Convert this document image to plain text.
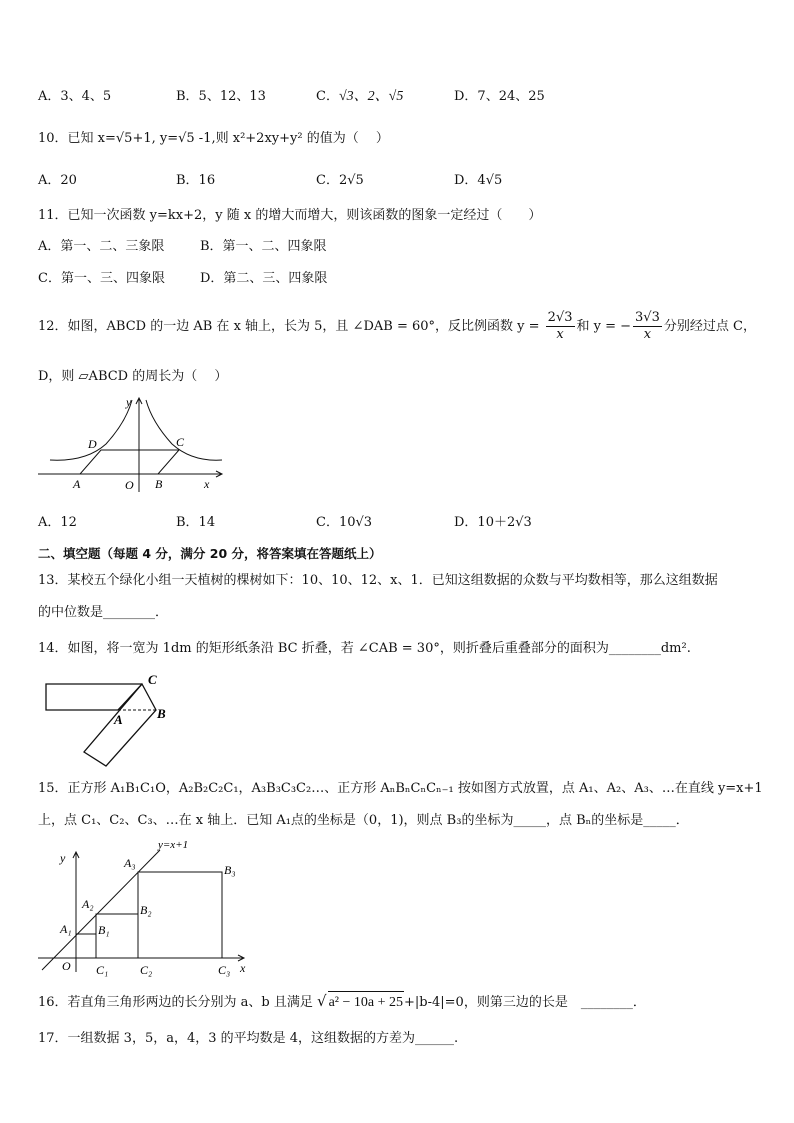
A．3、4、5	B．5、12、13	C．√3、2、√5	D．7、24、25
10．已知 x=√5+1, y=√5 -1,则 x²+2xy+y² 的值为（　 ）
A．20	B．16	C．2√5	D．4√5
11．已知一次函数 y=kx+2，y 随 x 的增大而增大，则该函数的图象一定经过（　　）
A．第一、二、三象限	B．第一、二、四象限
C．第一、三、四象限	D．第二、三、四象限
12．如图，ABCD 的一边 AB 在 x 轴上，长为 5，且 ∠DAB = 60°，反比例函数 $y = \frac{2√3}{x}$ 和 y = − $\frac{3√3}{x}$ 分别经过点 C，
D，则 ▱ABCD 的周长为（　 ）
y
x
D	C
A	O B
A．12	B．14	C．10√3	D．10＋2√3
二、填空题（每题 4 分，满分 20 分，将答案填在答题纸上）
13．某校五个绿化小组一天植树的棵树如下：10、10、12、x、1．已知这组数据的众数与平均数相等，那么这组数据
的中位数是________．
14．如图，将一宽为 1dm 的矩形纸条沿 BC 折叠，若 ∠CAB = 30°，则折叠后重叠部分的面积为________dm².
C
A	B
15．正方形 A₁B₁C₁O，A₂B₂C₂C₁，A₃B₃C₃C₂…、正方形 AₙBₙCₙCₙ₋₁ 按如图方式放置，点 A₁、A₂、A₃、…在直线 y=x+1
上，点 C₁、C₂、C₃、…在 x 轴上．已知 A₁点的坐标是（0，1)，则点 B₃的坐标为_____，点 Bₙ的坐标是_____．
y=x+1
y
x
O
A₁
A₂
A₃
B₁
B₂
B₃
C₁	C₂	C₃
16．若直角三角形两边的长分别为 a、b 且满足 √ a² − 10a + 25+|b-4|=0，则第三边的长是　________．
17．一组数据 3，5，a，4，3 的平均数是 4，这组数据的方差为______.
